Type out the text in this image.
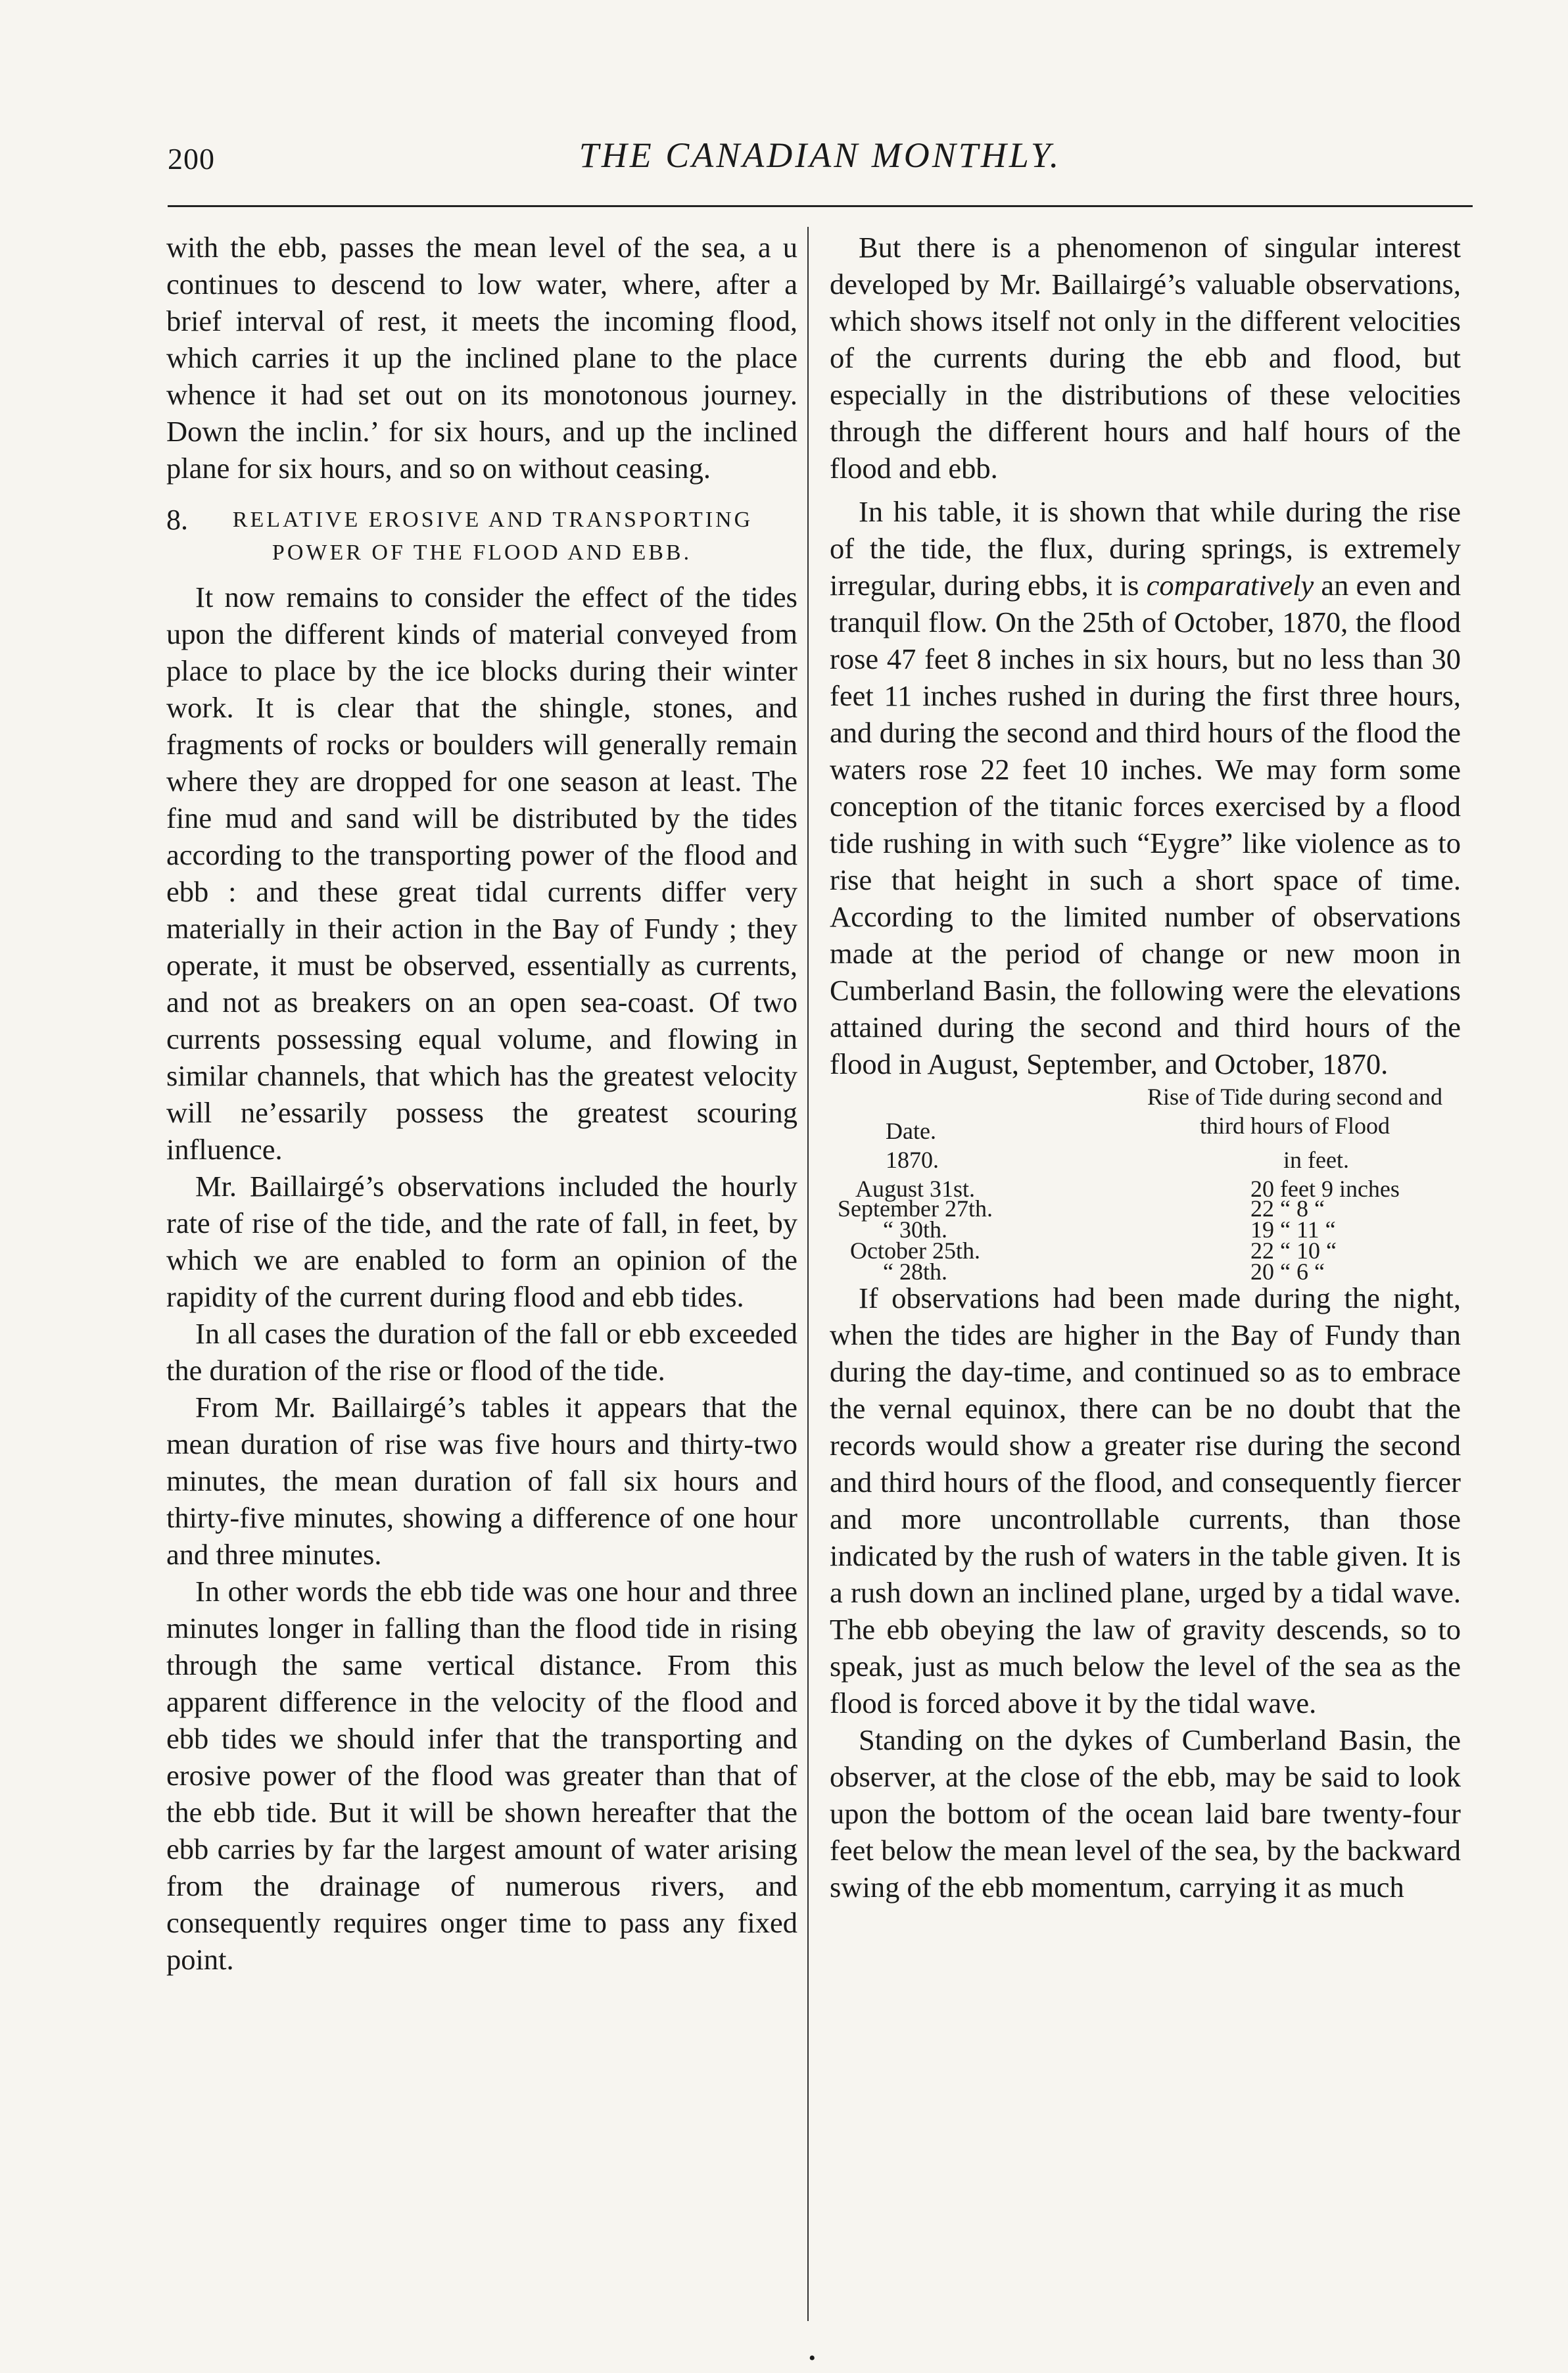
200	THE CANADIAN MONTHLY.

with the ebb, passes the mean level of the sea, a u continues to descend to low water, where, after a brief interval of rest, it meets the incoming flood, which carries it up the inclined plane to the place whence it had set out on its monotonous journey. Down the inclin.’ for six hours, and up the inclined plane for six hours, and so on without ceasing.

8. RELATIVE EROSIVE AND TRANSPORTING POWER OF THE FLOOD AND EBB.

It now remains to consider the effect of the tides upon the different kinds of material conveyed from place to place by the ice blocks during their winter work. It is clear that the shingle, stones, and fragments of rocks or boulders will generally remain where they are dropped for one season at least. The fine mud and sand will be distributed by the tides according to the transporting power of the flood and ebb : and these great tidal currents differ very materially in their action in the Bay of Fundy ; they operate, it must be observed, essentially as currents, and not as breakers on an open sea-coast. Of two currents possessing equal volume, and flowing in similar channels, that which has the greatest velocity will ne’essarily possess the greatest scouring influence.

Mr. Baillairgé’s observations included the hourly rate of rise of the tide, and the rate of fall, in feet, by which we are enabled to form an opinion of the rapidity of the current during flood and ebb tides.

In all cases the duration of the fall or ebb exceeded the duration of the rise or flood of the tide.

From Mr. Baillairgé’s tables it appears that the mean duration of rise was five hours and thirty-two minutes, the mean duration of fall six hours and thirty-five minutes, showing a difference of one hour and three minutes.

In other words the ebb tide was one hour and three minutes longer in falling than the flood tide in rising through the same vertical distance. From this apparent difference in the velocity of the flood and ebb tides we should infer that the transporting and erosive power of the flood was greater than that of the ebb tide. But it will be shown hereafter that the ebb carries by far the largest amount of water arising from the drainage of numerous rivers, and consequently requires onger time to pass any fixed point.

But there is a phenomenon of singular interest developed by Mr. Baillairgé’s valuable observations, which shows itself not only in the different velocities of the currents during the ebb and flood, but especially in the distributions of these velocities through the different hours and half hours of the flood and ebb.

In his table, it is shown that while during the rise of the tide, the flux, during springs, is extremely irregular, during ebbs, it is comparatively an even and tranquil flow. On the 25th of October, 1870, the flood rose 47 feet 8 inches in six hours, but no less than 30 feet 11 inches rushed in during the first three hours, and during the second and third hours of the flood the waters rose 22 feet 10 inches. We may form some conception of the titanic forces exercised by a flood tide rushing in with such “Eygre” like violence as to rise that height in such a short space of time. According to the limited number of observations made at the period of change or new moon in Cumberland Basin, the following were the elevations attained during the second and third hours of the flood in August, September, and October, 1870.

Rise of Tide during second and third hours of Flood
Date.
1870.	in feet.
August 31st.	20 feet 9 inches
September 27th.	22 “ 8 “
“ 30th.	19 “ 11 “
October 25th.	22 “ 10 “
“ 28th.	20 “ 6 “

If observations had been made during the night, when the tides are higher in the Bay of Fundy than during the day-time, and continued so as to embrace the vernal equinox, there can be no doubt that the records would show a greater rise during the second and third hours of the flood, and consequently fiercer and more uncontrollable currents, than those indicated by the rush of waters in the table given. It is a rush down an inclined plane, urged by a tidal wave. The ebb obeying the law of gravity descends, so to speak, just as much below the level of the sea as the flood is forced above it by the tidal wave.

Standing on the dykes of Cumberland Basin, the observer, at the close of the ebb, may be said to look upon the bottom of the ocean laid bare twenty-four feet below the mean level of the sea, by the backward swing of the ebb momentum, carrying it as much

•
